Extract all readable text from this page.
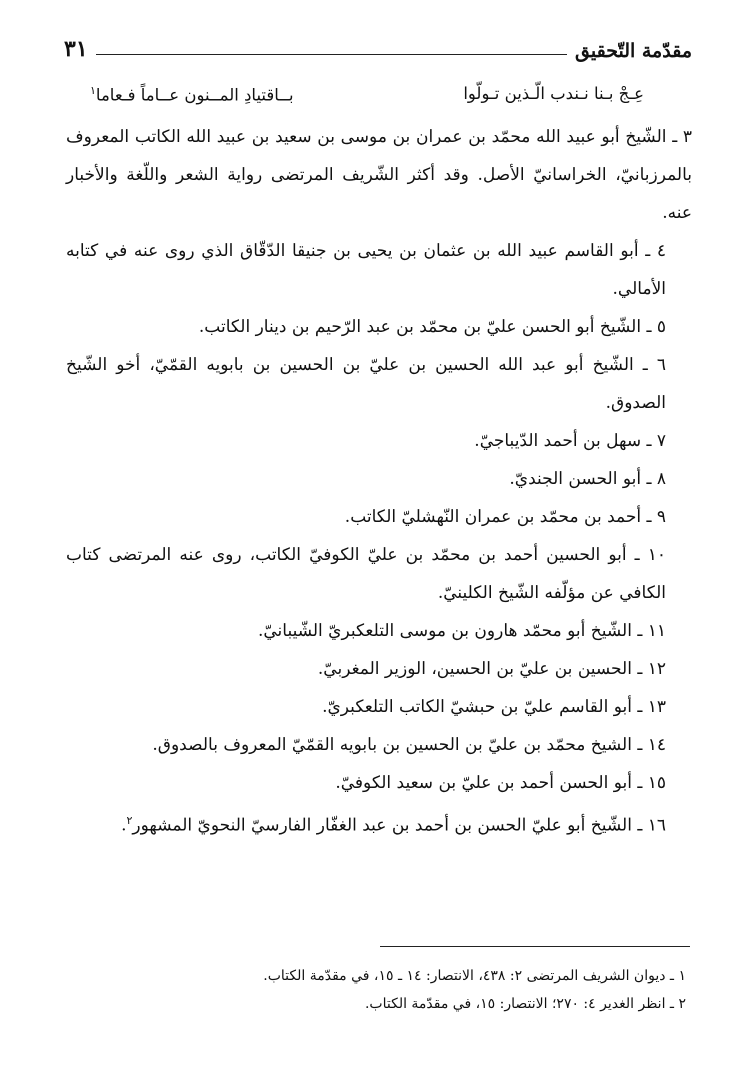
مقدّمة التّحقيق
٣١
عِـجْ بـنا نـندب الّـذين تـولّوا
بــاقتيادِ المــنون عــاماً فـعاما$^١$

٣ ـ الشّيخ أبو عبيد الله محمّد بن عمران بن موسى بن سعيد بن عبيد الله الكاتب المعروف بالمرزبانيّ، الخراسانيّ الأصل. وقد أكثر الشّريف المرتضى رواية الشعر واللّغة والأخبار عنه.

٤ ـ أبو القاسم عبيد الله بن عثمان بن يحيى بن جنيقا الدّقّاق الذي روى عنه في كتابه الأمالي.

٥ ـ الشّيخ أبو الحسن عليّ بن محمّد بن عبد الرّحيم بن دينار الكاتب.

٦ ـ الشّيخ أبو عبد الله الحسين بن عليّ بن الحسين بن بابويه القمّيّ، أخو الشّيخ الصدوق.

٧ ـ سهل بن أحمد الدّيباجيّ.

٨ ـ أبو الحسن الجنديّ.

٩ ـ أحمد بن محمّد بن عمران النّهشليّ الكاتب.

١٠ ـ أبو الحسين أحمد بن محمّد بن عليّ الكوفيّ الكاتب، روى عنه المرتضى كتاب الكافي عن مؤلّفه الشّيخ الكلينيّ.

١١ ـ الشّيخ أبو محمّد هارون بن موسى التلعكبريّ الشّيبانيّ.

١٢ ـ الحسين بن عليّ بن الحسين، الوزير المغربيّ.

١٣ ـ أبو القاسم عليّ بن حبشيّ الكاتب التلعكبريّ.

١٤ ـ الشيخ محمّد بن عليّ بن الحسين بن بابويه القمّيّ المعروف بالصدوق.

١٥ ـ أبو الحسن أحمد بن عليّ بن سعيد الكوفيّ.

١٦ ـ الشّيخ أبو عليّ الحسن بن أحمد بن عبد الغفّار الفارسيّ النحويّ المشهور$^٢$.

١ ـ ديوان الشريف المرتضى ٢: ٤٣٨، الانتصار: ١٤ ـ ١٥، في مقدّمة الكتاب.
٢ ـ انظر الغدير ٤: ٢٧٠؛ الانتصار: ١٥، في مقدّمة الكتاب.
